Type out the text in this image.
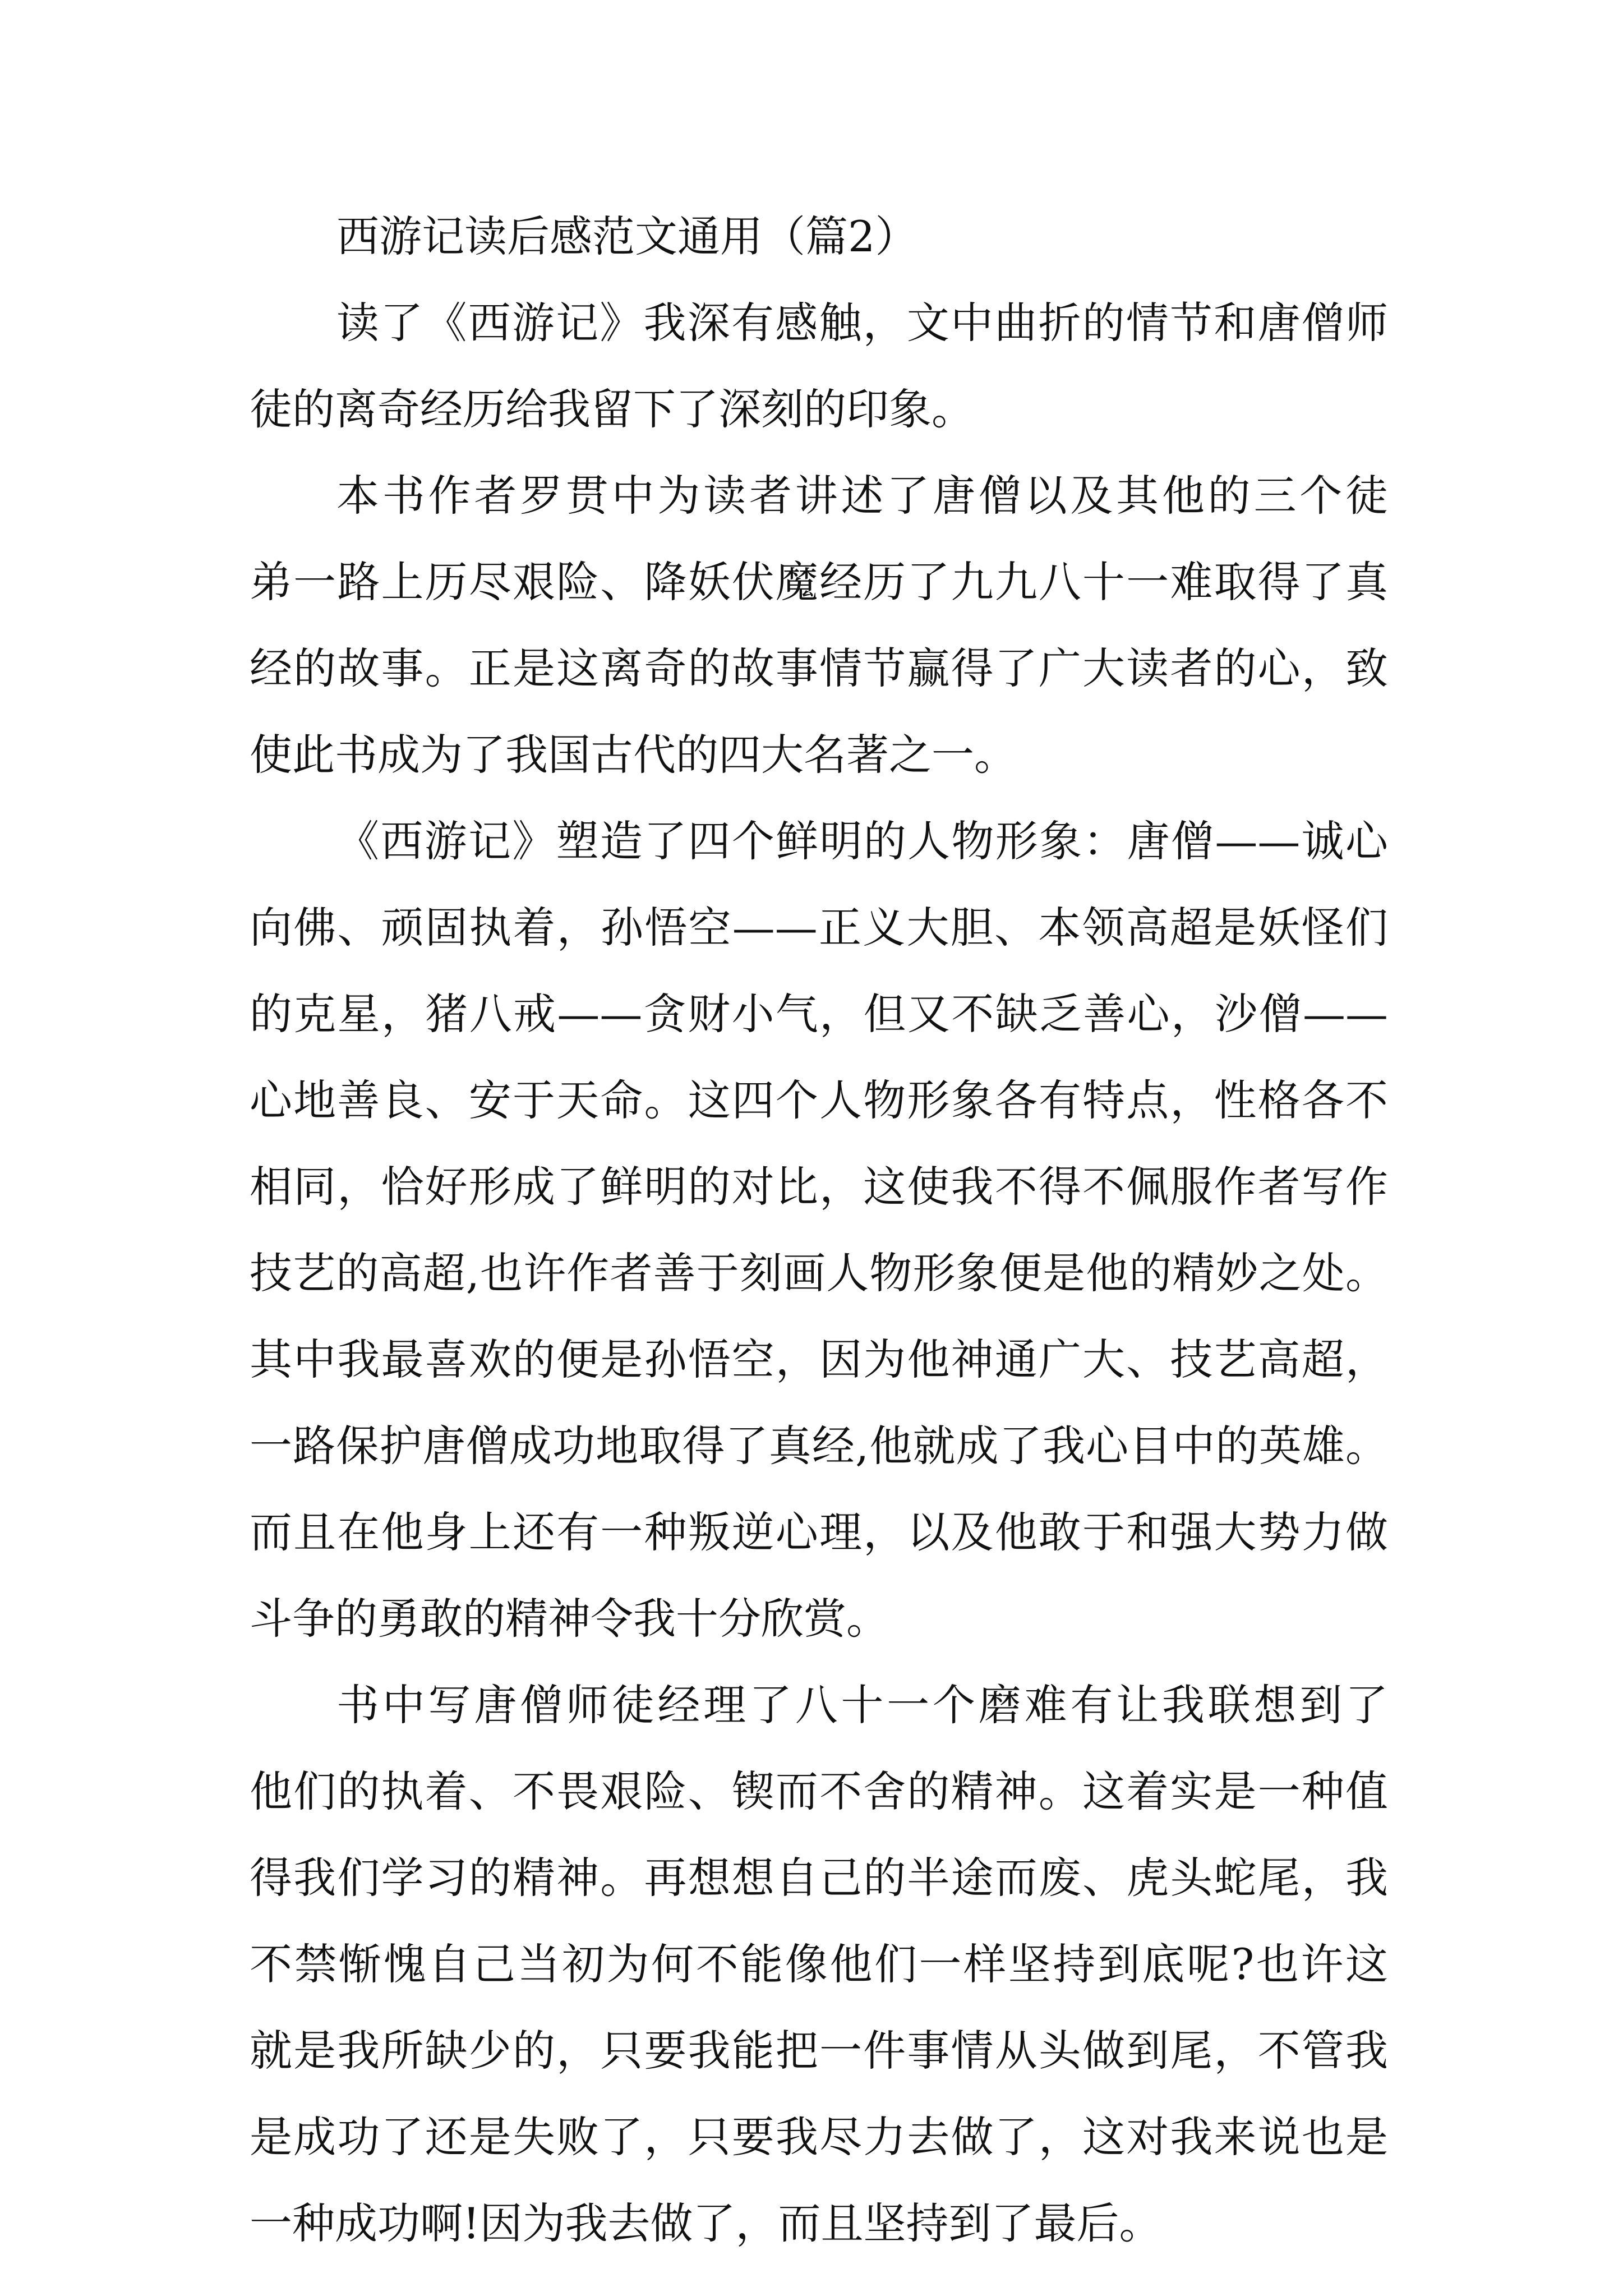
西游记读后感范文通用（篇2）
读了《西游记》我深有感触，文中曲折的情节和唐僧师
徒的离奇经历给我留下了深刻的印象。
本书作者罗贯中为读者讲述了唐僧以及其他的三个徒
弟一路上历尽艰险、降妖伏魔经历了九九八十一难取得了真
经的故事。正是这离奇的故事情节赢得了广大读者的心，致
使此书成为了我国古代的四大名著之一。
《西游记》塑造了四个鲜明的人物形象：唐僧——诚心
向佛、顽固执着，孙悟空——正义大胆、本领高超是妖怪们
的克星，猪八戒——贪财小气，但又不缺乏善心，沙僧——
心地善良、安于天命。这四个人物形象各有特点，性格各不
相同，恰好形成了鲜明的对比，这使我不得不佩服作者写作
技艺的高超,也许作者善于刻画人物形象便是他的精妙之处。
其中我最喜欢的便是孙悟空，因为他神通广大、技艺高超，
一路保护唐僧成功地取得了真经,他就成了我心目中的英雄。
而且在他身上还有一种叛逆心理，以及他敢于和强大势力做
斗争的勇敢的精神令我十分欣赏。
书中写唐僧师徒经理了八十一个磨难有让我联想到了
他们的执着、不畏艰险、锲而不舍的精神。这着实是一种值
得我们学习的精神。再想想自己的半途而废、虎头蛇尾，我
不禁惭愧自己当初为何不能像他们一样坚持到底呢?也许这
就是我所缺少的，只要我能把一件事情从头做到尾，不管我
是成功了还是失败了，只要我尽力去做了，这对我来说也是
一种成功啊!因为我去做了，而且坚持到了最后。
